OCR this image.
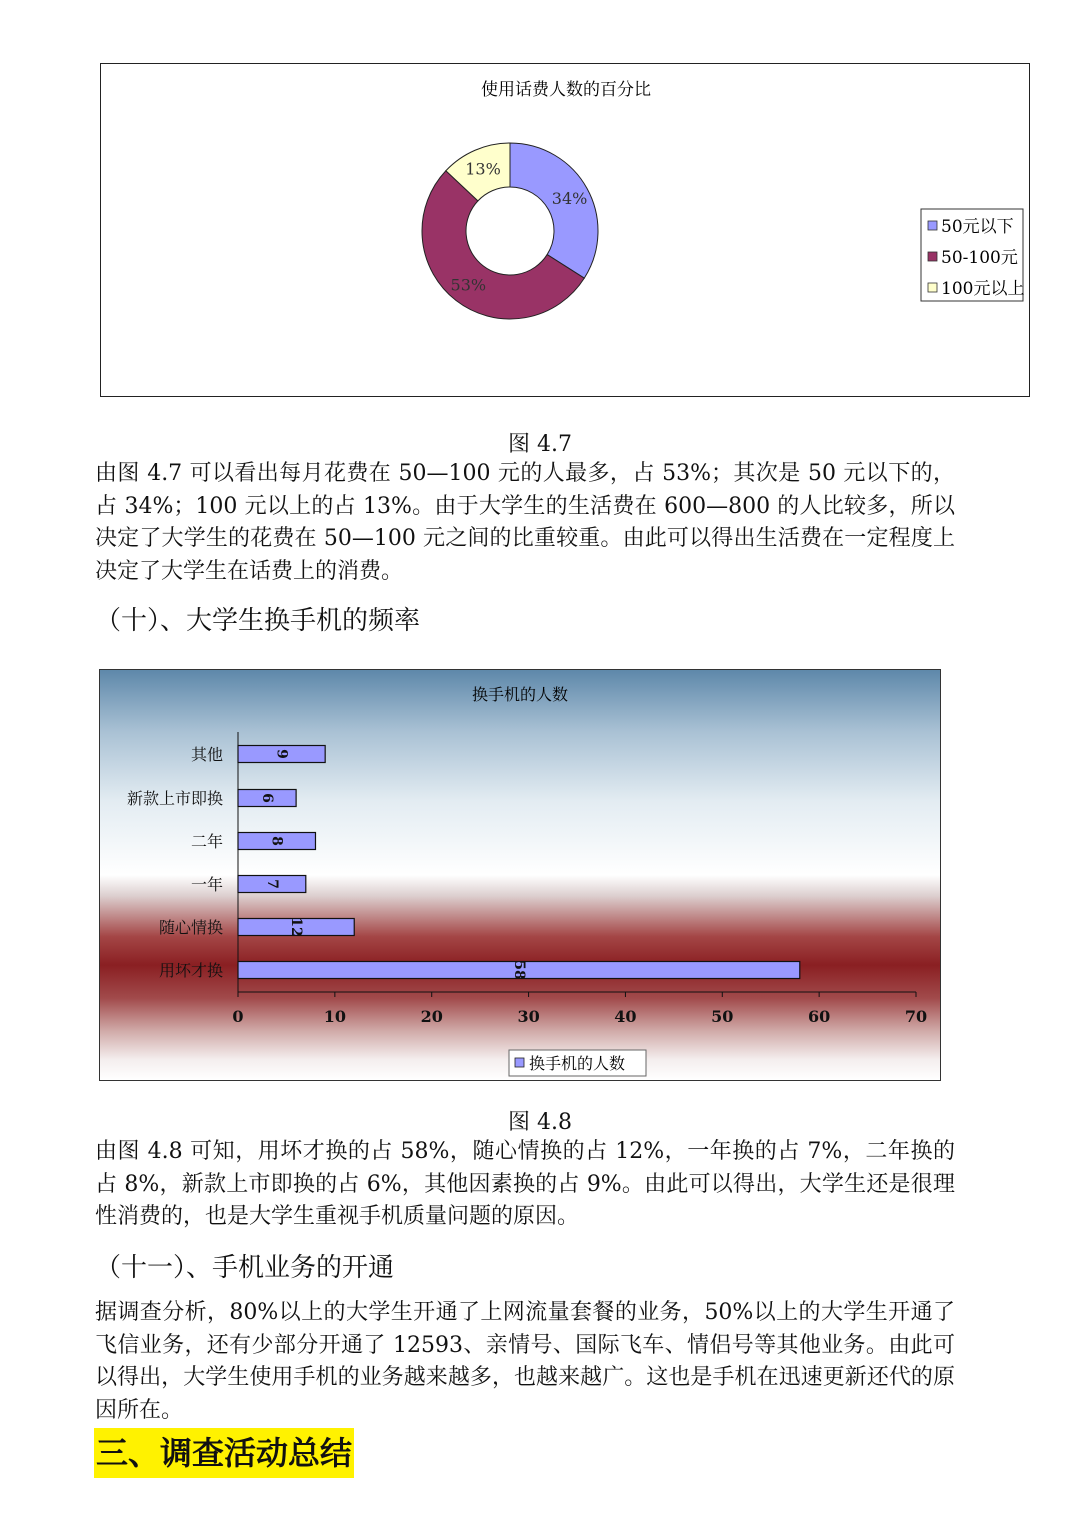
使用话费人数的百分比
34%
53%
13%
50元以下
50-100元
100元以上
图 4.7

由图 4.7 可以看出每月花费在 50—100 元的人最多，占 53%；其次是 50 元以下的，占 34%；100 元以上的占 13%。由于大学生的生活费在 600—800 的人比较多，所以决定了大学生的花费在 50—100 元之间的比重较重。由此可以得出生活费在一定程度上决定了大学生在话费上的消费。

（十）、大学生换手机的频率
换手机的人数
其他
新款上市即换
二年
一年
随心情换
用坏才换
9
6
8
7
12
58
0	10	20	30	40	50	60	70
换手机的人数
图 4.8

由图 4.8 可知，用坏才换的占 58%，随心情换的占 12%，一年换的占 7%，二年换的占 8%，新款上市即换的占 6%，其他因素换的占 9%。由此可以得出，大学生还是很理性消费的，也是大学生重视手机质量问题的原因。

（十一）、手机业务的开通

据调查分析，80%以上的大学生开通了上网流量套餐的业务，50%以上的大学生开通了飞信业务，还有少部分开通了 12593、亲情号、国际飞车、情侣号等其他业务。由此可以得出，大学生使用手机的业务越来越多，也越来越广。这也是手机在迅速更新还代的原因所在。

三、调查活动总结
